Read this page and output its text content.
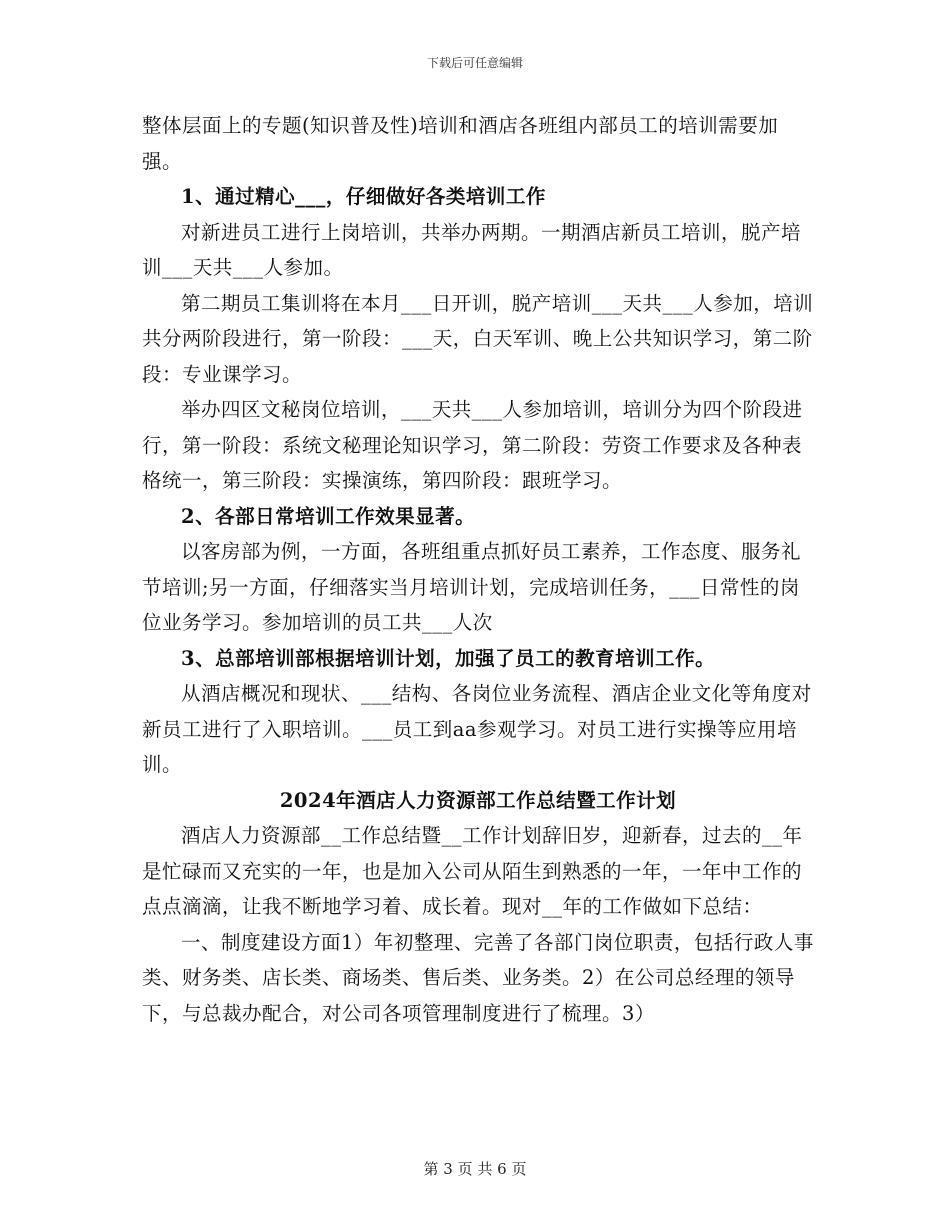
下载后可任意编辑

整体层面上的专题(知识普及性)培训和酒店各班组内部员工的培训需要加强。

1、通过精心___，仔细做好各类培训工作

对新进员工进行上岗培训，共举办两期。一期酒店新员工培训，脱产培训___天共___人参加。

第二期员工集训将在本月___日开训，脱产培训___天共___人参加，培训共分两阶段进行，第一阶段：___天，白天军训、晚上公共知识学习，第二阶段：专业课学习。

举办四区文秘岗位培训，___天共___人参加培训，培训分为四个阶段进行，第一阶段：系统文秘理论知识学习，第二阶段：劳资工作要求及各种表格统一，第三阶段：实操演练，第四阶段：跟班学习。

2、各部日常培训工作效果显著。

以客房部为例，一方面，各班组重点抓好员工素养，工作态度、服务礼节培训;另一方面，仔细落实当月培训计划，完成培训任务，___日常性的岗位业务学习。参加培训的员工共___人次

3、总部培训部根据培训计划，加强了员工的教育培训工作。

从酒店概况和现状、___结构、各岗位业务流程、酒店企业文化等角度对新员工进行了入职培训。___员工到aa参观学习。对员工进行实操等应用培训。

2024年酒店人力资源部工作总结暨工作计划

酒店人力资源部__工作总结暨__工作计划辞旧岁，迎新春，过去的__年是忙碌而又充实的一年，也是加入公司从陌生到熟悉的一年，一年中工作的点点滴滴，让我不断地学习着、成长着。现对__年的工作做如下总结：

一、制度建设方面1）年初整理、完善了各部门岗位职责，包括行政人事类、财务类、店长类、商场类、售后类、业务类。2）在公司总经理的领导下，与总裁办配合，对公司各项管理制度进行了梳理。3）

第 3 页 共 6 页
